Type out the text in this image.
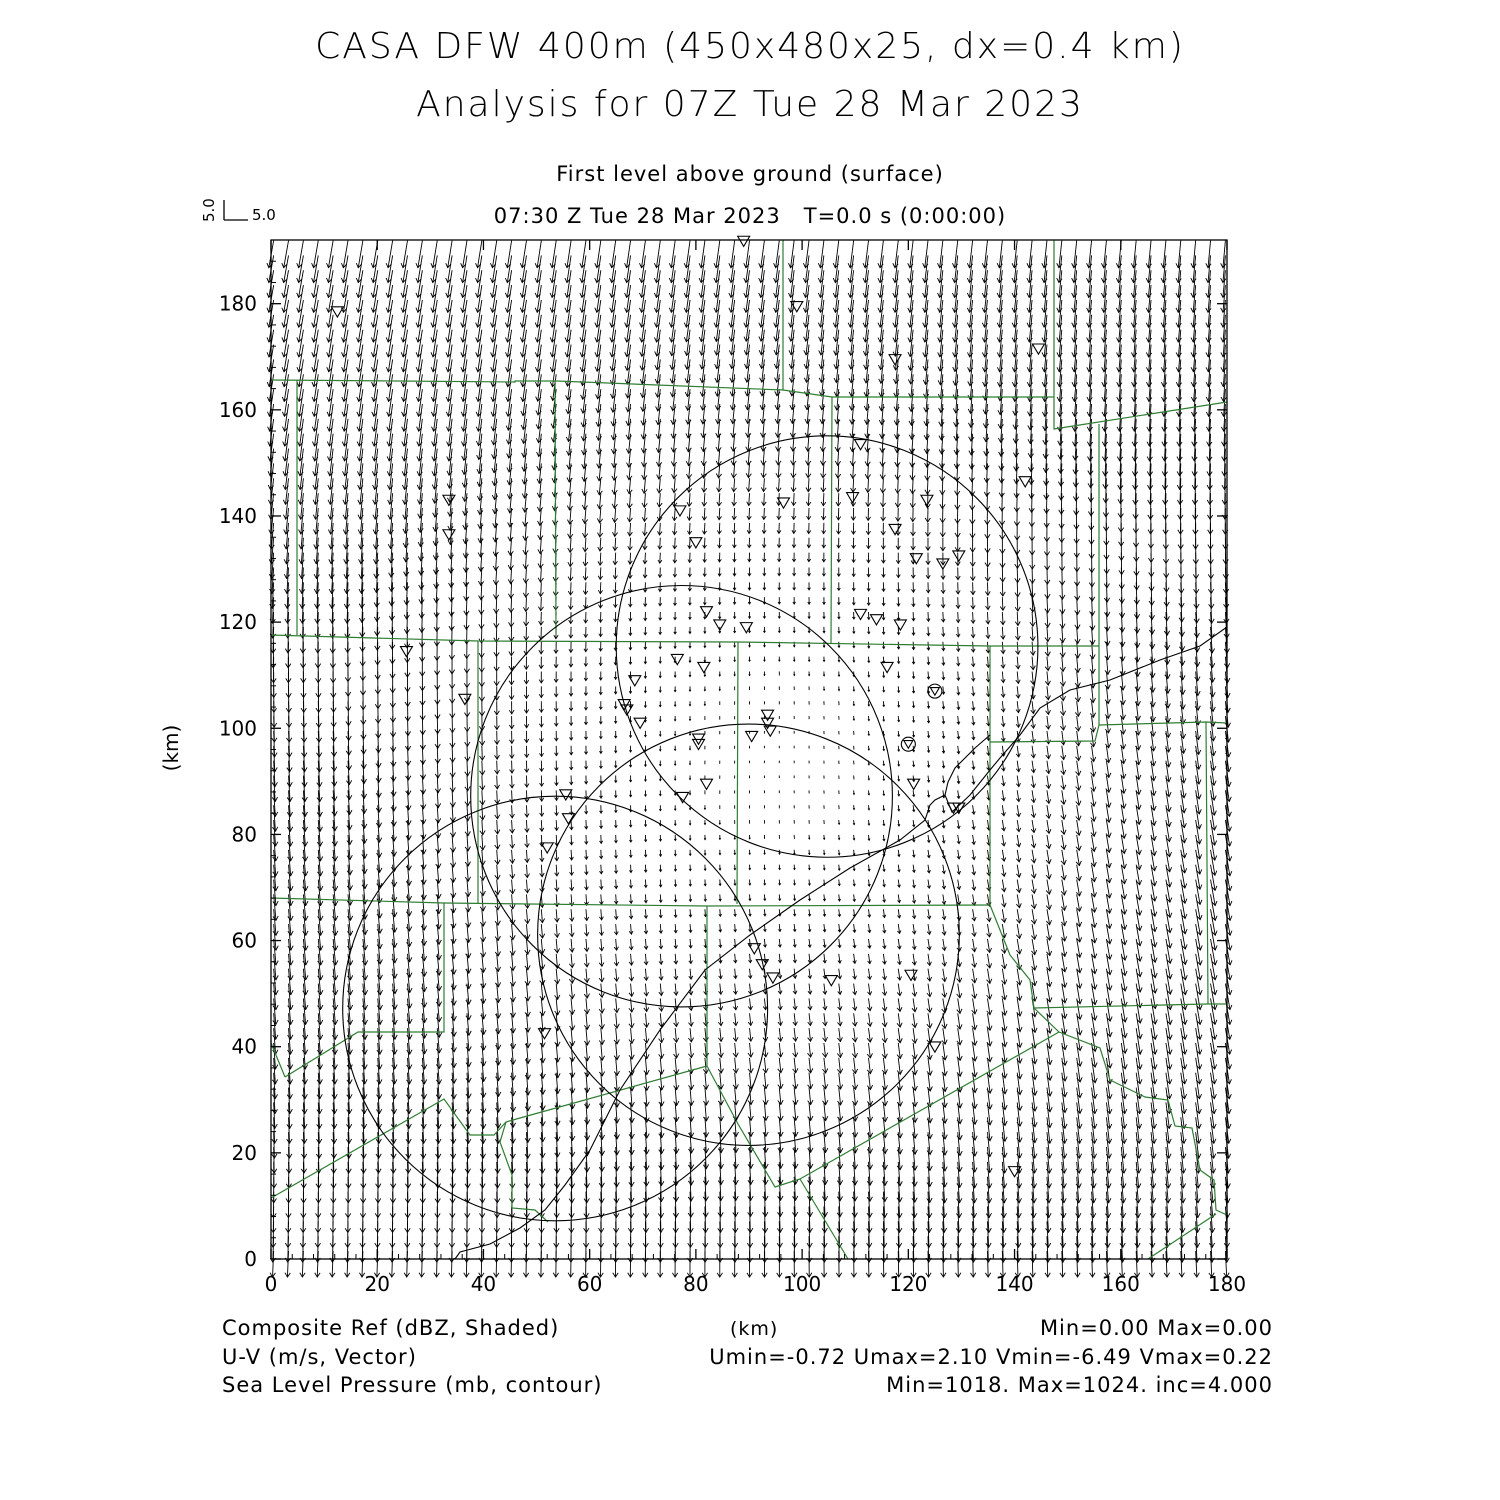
CASA DFW 400m (450x480x25, dx=0.4 km)
Analysis for 07Z Tue 28 Mar 2023
First level above ground (surface)
07:30 Z Tue 28 Mar 2023   T=0.0 s (0:00:00)
5.0 5.0
0	20	40	60	80	100	120	140	160	180
0
20
40
60
80
100
120
140
160
180
(km)
Composite Ref (dBZ, Shaded)	(km)	Min=0.00 Max=0.00
U-V (m/s, Vector)	Umin=-0.72 Umax=2.10 Vmin=-6.49 Vmax=0.22
Sea Level Pressure (mb, contour)	Min=1018. Max=1024. inc=4.000
